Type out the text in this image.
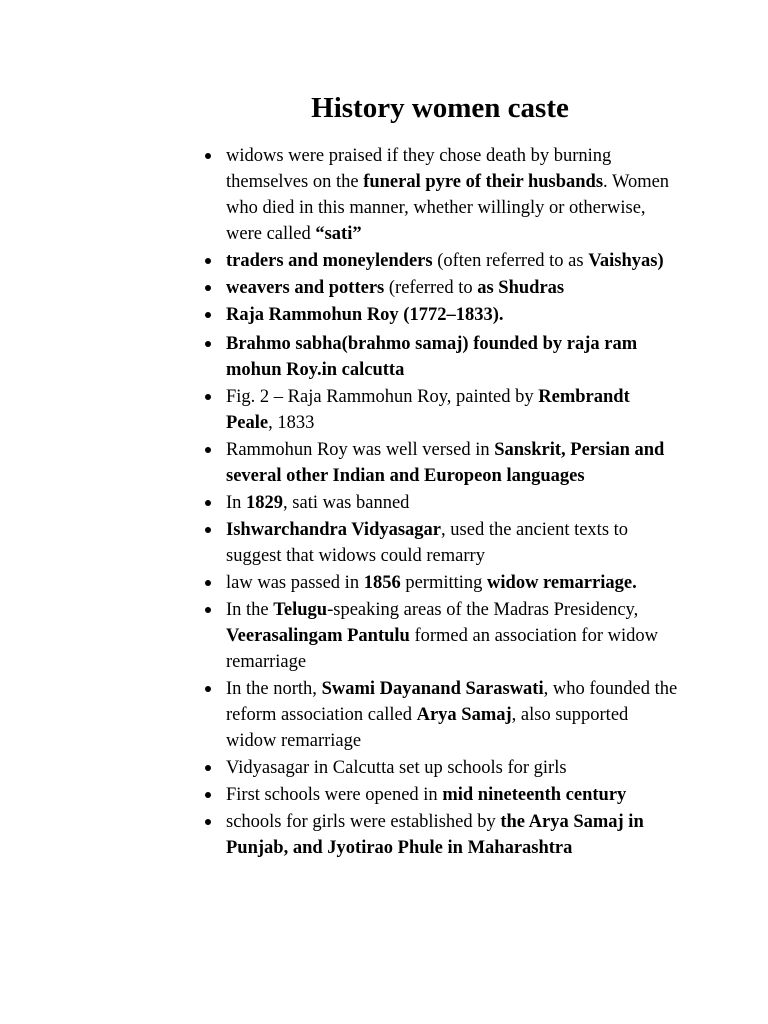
History women caste
widows were praised if they chose death by burning themselves on the funeral pyre of their husbands. Women who died in this manner, whether willingly or otherwise, were called “sati”
traders and moneylenders (often referred to as Vaishyas)
weavers and potters (referred to as Shudras
Raja Rammohun Roy (1772–1833).
Brahmo sabha(brahmo samaj) founded by raja ram mohun Roy.in calcutta
Fig. 2 – Raja Rammohun Roy, painted by Rembrandt Peale, 1833
Rammohun Roy was well versed in Sanskrit, Persian and several other Indian and Europeon languages
In 1829, sati was banned
Ishwarchandra Vidyasagar, used the ancient texts to suggest that widows could remarry
law was passed in 1856 permitting widow remarriage.
In the Telugu-speaking areas of the Madras Presidency, Veerasalingam Pantulu formed an association for widow remarriage
In the north, Swami Dayanand Saraswati, who founded the reform association called Arya Samaj, also supported widow remarriage
Vidyasagar in Calcutta set up schools for girls
First schools were opened in mid nineteenth century
schools for girls were established by the Arya Samaj in Punjab, and Jyotirao Phule in Maharashtra
